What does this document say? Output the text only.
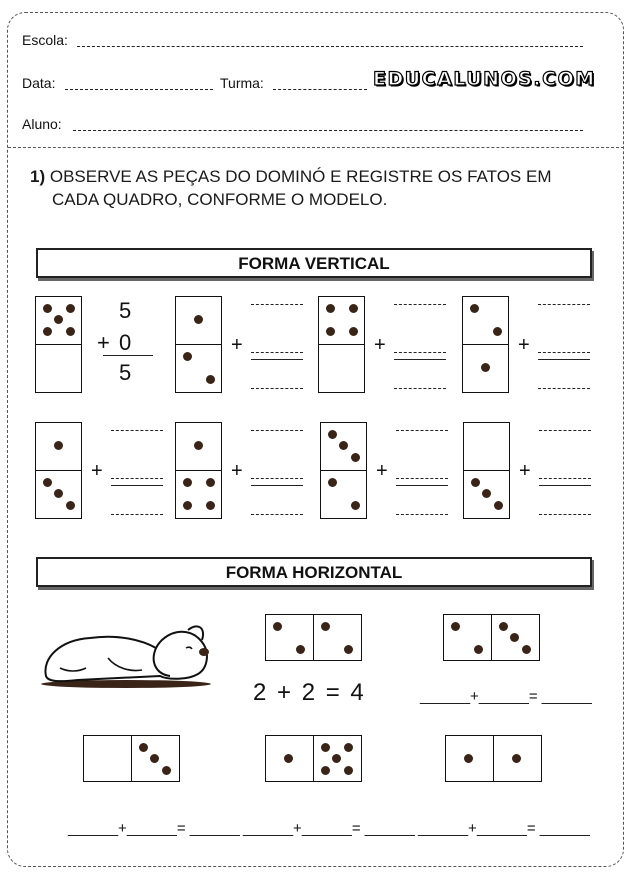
Escola:
Data:	Turma:	EDUCALUNOS.COM
Aluno:
1) OBSERVE AS PEÇAS DO DOMINÓ E REGISTRE OS FATOS EM
CADA QUADRO, CONFORME O MODELO.
FORMA VERTICAL
+	+	+
+	+	+	+
5
+ 0
5
FORMA HORIZONTAL
2 + 2 = 4	______+______= ______
______+______= ______ ______+______= ______ ______+______= ______
